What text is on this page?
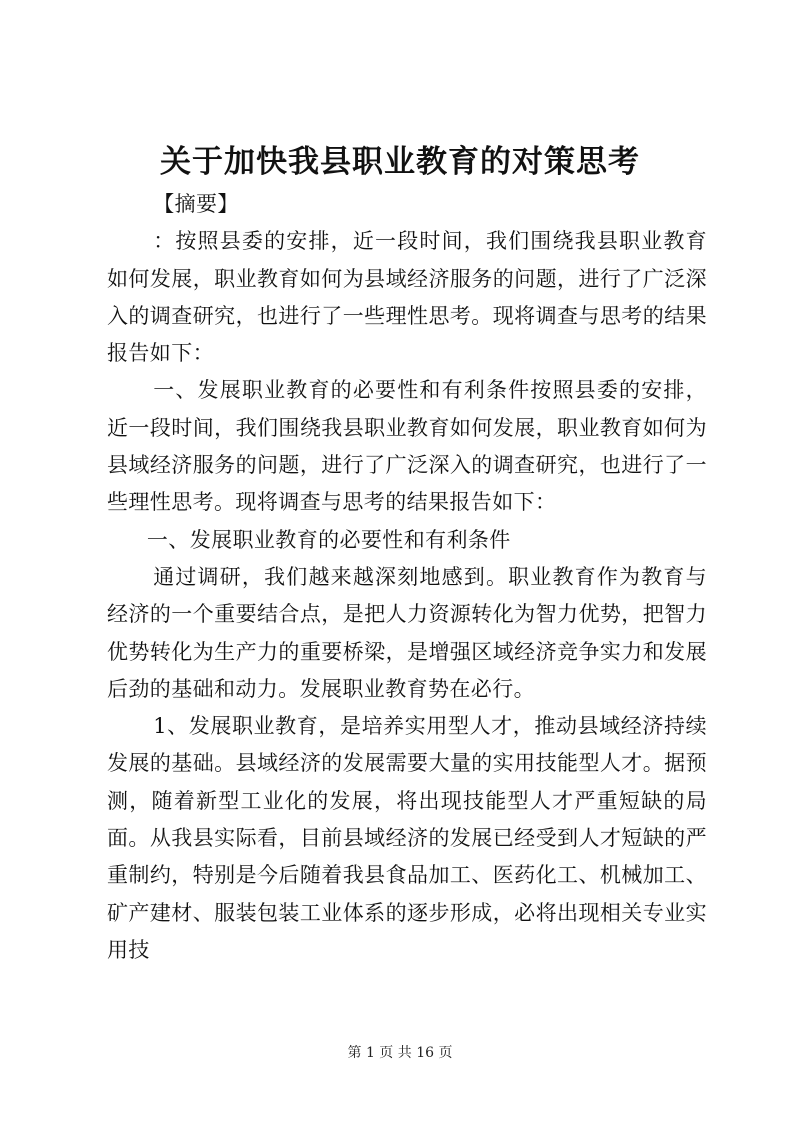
关于加快我县职业教育的对策思考

【摘要】

：按照县委的安排，近一段时间，我们围绕我县职业教育如何发展，职业教育如何为县域经济服务的问题，进行了广泛深入的调查研究，也进行了一些理性思考。现将调查与思考的结果报告如下：

一、发展职业教育的必要性和有利条件按照县委的安排，近一段时间，我们围绕我县职业教育如何发展，职业教育如何为县域经济服务的问题，进行了广泛深入的调查研究，也进行了一些理性思考。现将调查与思考的结果报告如下：

一、发展职业教育的必要性和有利条件

通过调研，我们越来越深刻地感到。职业教育作为教育与经济的一个重要结合点，是把人力资源转化为智力优势，把智力优势转化为生产力的重要桥梁，是增强区域经济竞争实力和发展后劲的基础和动力。发展职业教育势在必行。

1、发展职业教育，是培养实用型人才，推动县域经济持续发展的基础。县域经济的发展需要大量的实用技能型人才。据预测，随着新型工业化的发展，将出现技能型人才严重短缺的局面。从我县实际看，目前县域经济的发展已经受到人才短缺的严重制约，特别是今后随着我县食品加工、医药化工、机械加工、矿产建材、服装包装工业体系的逐步形成，必将出现相关专业实用技

第 1 页 共 16 页
